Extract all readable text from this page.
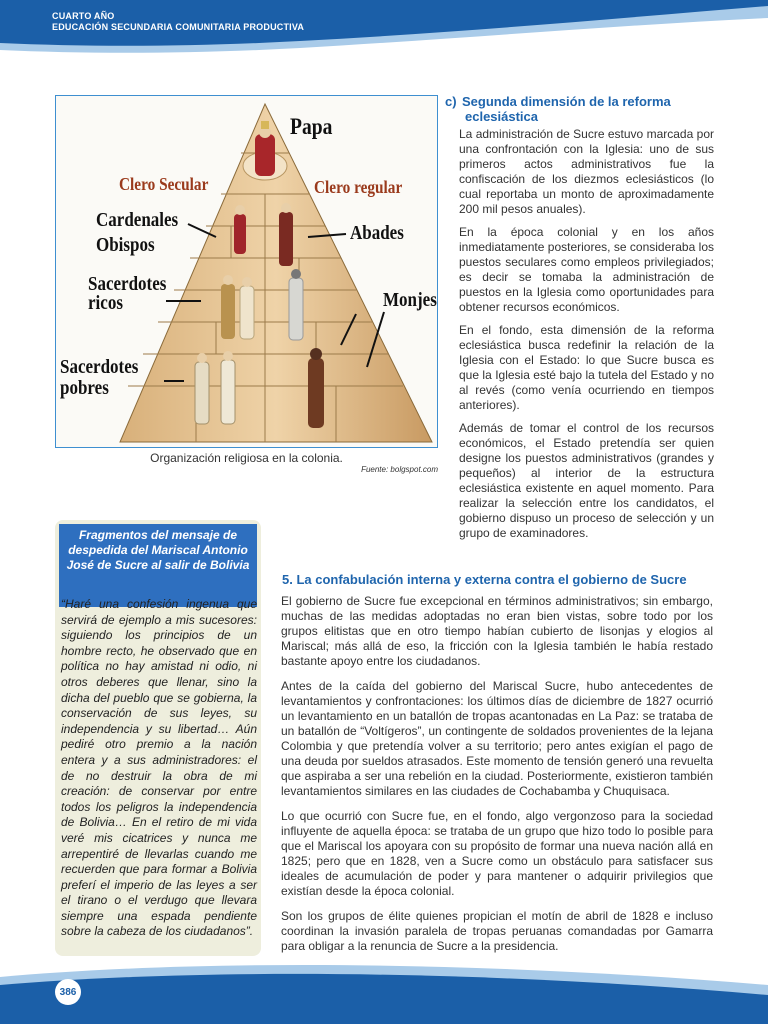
CUARTO AÑO
EDUCACIÓN SECUNDARIA COMUNITARIA PRODUCTIVA
Papa
Clero Secular	Clero regular
Cardenales
Obispos
Abades
Sacerdotes
ricos	Monjes
Sacerdotes
pobres
Organización religiosa en la colonia.
Fuente: bolgspot.com
c) Segunda dimensión de la reforma
eclesiástica

La administración de Sucre estuvo marcada por una confrontación con la Iglesia: uno de sus primeros actos administrativos fue la confiscación de los diezmos eclesiásticos (lo cual reportaba un monto de aproximadamente 200 mil pesos anuales).

En la época colonial y en los años inmediatamente posteriores, se consideraba los puestos seculares como empleos privilegiados; es decir se tomaba la administración de puestos en la Iglesia como oportunidades para obtener recursos económicos.

En el fondo, esta dimensión de la reforma eclesiástica busca redefinir la relación de la Iglesia con el Estado: lo que Sucre busca es que la Iglesia esté bajo la tutela del Estado y no al revés (como venía ocurriendo en tiempos anteriores).

Además de tomar el control de los recursos económicos, el Estado pretendía ser quien designe los puestos administrativos (grandes y pequeños) al interior de la estructura eclesiástica existente en aquel momento. Para realizar la selección entre los candidatos, el gobierno dispuso un proceso de selección y un grupo de examinadores.

Fragmentos del mensaje de despedida del Mariscal Antonio José de Sucre al salir de Bolivia
“Haré una confesión ingenua que servirá de ejemplo a mis sucesores: siguiendo los principios de un hombre recto, he observado que en política no hay amistad ni odio, ni otros deberes que llenar, sino la dicha del pueblo que se gobierna, la conservación de sus leyes, su independencia y su libertad… Aún pediré otro premio a la nación entera y a sus administradores: el de no destruir la obra de mi creación: de conservar por entre todos los peligros la independencia de Bolivia… En el retiro de mi vida veré mis cicatrices y nunca me arrepentiré de llevarlas cuando me recuerden que para formar a Bolivia preferí el imperio de las leyes a ser el tirano o el verdugo que llevara siempre una espada pendiente sobre la cabeza de los ciudadanos”.
5. La confabulación interna y externa contra el gobierno de Sucre

El gobierno de Sucre fue excepcional en términos administrativos; sin embargo, muchas de las medidas adoptadas no eran bien vistas, sobre todo por los grupos elitistas que en otro tiempo habían cubierto de lisonjas y elogios al Mariscal; más allá de eso, la fricción con la Iglesia también le había restado bastante apoyo entre los ciudadanos.

Antes de la caída del gobierno del Mariscal Sucre, hubo antecedentes de levantamientos y confrontaciones: los últimos días de diciembre de 1827 ocurrió un levantamiento en un batallón de tropas acantonadas en La Paz: se trataba de un batallón de “Voltígeros”, un contingente de soldados provenientes de la lejana Colombia y que pretendía volver a su territorio; pero antes exigían el pago de una deuda por sueldos atrasados. Este momento de tensión generó una revuelta que aspiraba a ser una rebelión en la ciudad. Posteriormente, existieron también levantamientos similares en las ciudades de Cochabamba y Chuquisaca.

Lo que ocurrió con Sucre fue, en el fondo, algo vergonzoso para la sociedad influyente de aquella época: se trataba de un grupo que hizo todo lo posible para que el Mariscal los apoyara con su propósito de formar una nueva nación allá en 1825; pero que en 1828, ven a Sucre como un obstáculo para satisfacer sus ideales de acumulación de poder y para mantener o adquirir privilegios que existían desde la época colonial.

Son los grupos de élite quienes propician el motín de abril de 1828 e incluso coordinan la invasión paralela de tropas peruanas comandadas por Gamarra para obligar a la renuncia de Sucre a la presidencia.

386
